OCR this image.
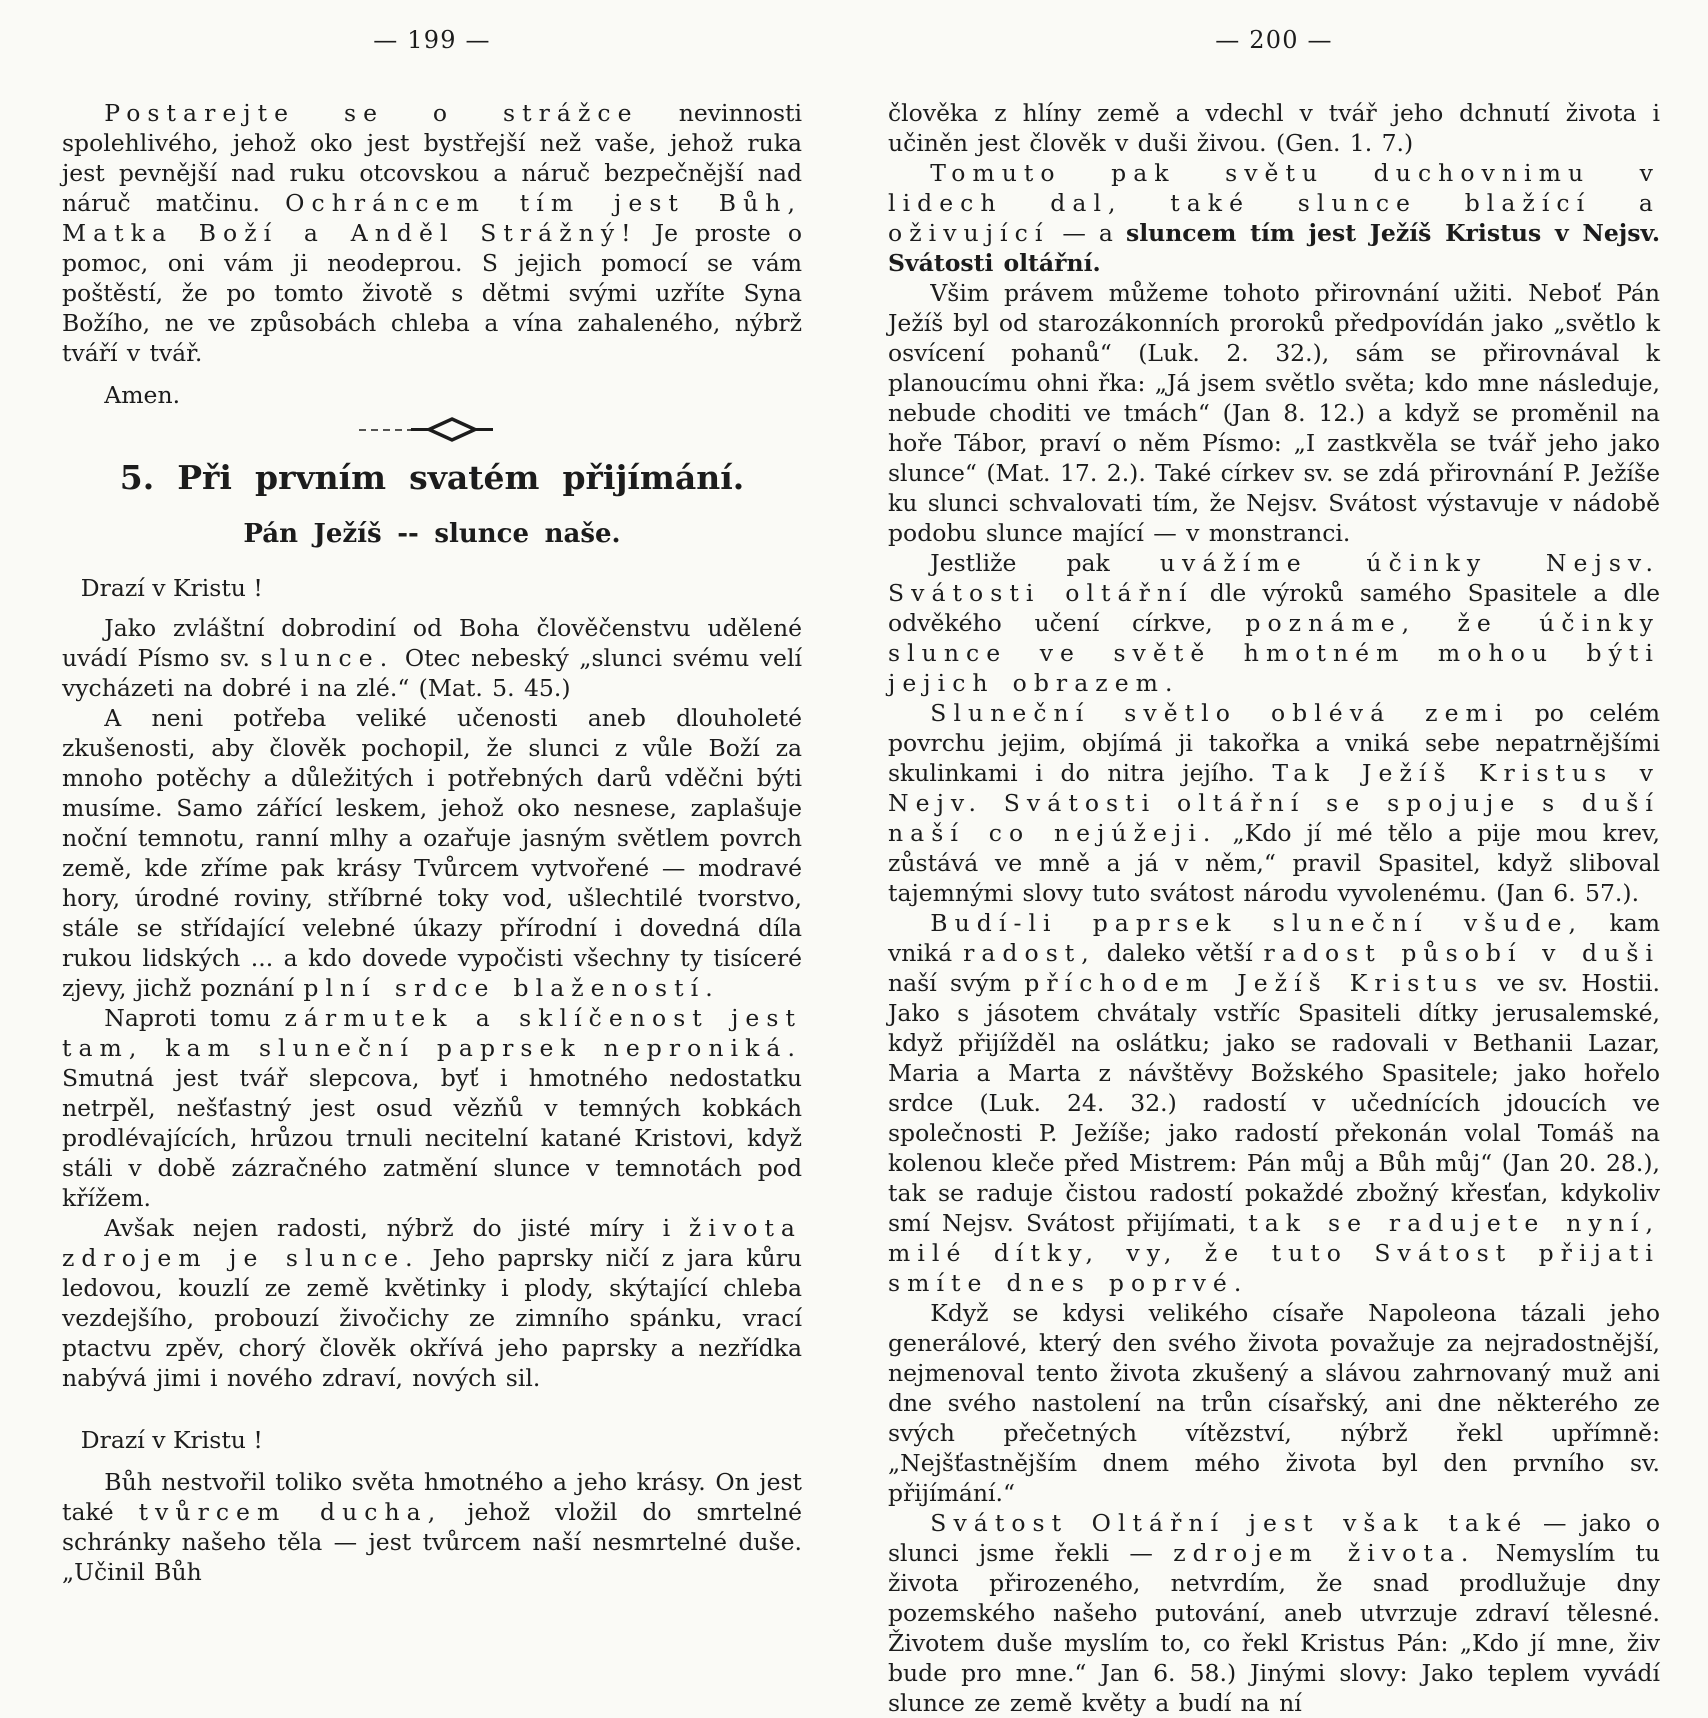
— 199 —

Postarejte se o strážce nevinnosti spolehlivého, jehož oko jest bystřejší než vaše, jehož ruka jest pevnější nad ruku otcovskou a náruč bezpečnější nad náruč matčinu. Ochráncem tím jest Bůh, Matka Boží a Anděl Strážný! Je proste o pomoc, oni vám ji neodeprou. S jejich pomocí se vám poštěstí, že po tomto životě s dětmi svými uzříte Syna Božího, ne ve způsobách chleba a vína zahaleného, nýbrž tváří v tvář.

Amen.

5. Při prvním svatém přijímání.
Pán Ježíš -- slunce naše.

Drazí v Kristu !

Jako zvláštní dobrodiní od Boha člověčenstvu udělené uvádí Písmo sv. slunce. Otec nebeský „slunci svému velí vycházeti na dobré i na zlé.“ (Mat. 5. 45.)

A neni potřeba veliké učenosti aneb dlouholeté zkušenosti, aby člověk pochopil, že slunci z vůle Boží za mnoho potěchy a důležitých i potřebných darů vděčni býti musíme. Samo zářící leskem, jehož oko nesnese, zaplašuje noční temnotu, ranní mlhy a ozařuje jasným světlem povrch země, kde zříme pak krásy Tvůrcem vytvořené — modravé hory, úrodné roviny, stříbrné toky vod, ušlechtilé tvorstvo, stále se střídající velebné úkazy přírodní i dovedná díla rukou lidských ... a kdo dovede vypočisti všechny ty tisíceré zjevy, jichž poznání plní srdce blažeností.

Naproti tomu zármutek a sklíčenost jest tam, kam sluneční paprsek neproniká. Smutná jest tvář slepcova, byť i hmotného nedostatku netrpěl, nešťastný jest osud vězňů v temných kobkách prodlévajících, hrůzou trnuli necitelní katané Kristovi, když stáli v době zázračného zatmění slunce v temnotách pod křížem.

Avšak nejen radosti, nýbrž do jisté míry i života zdrojem je slunce. Jeho paprsky ničí z jara kůru ledovou, kouzlí ze země květinky i plody, skýtající chleba vezdejšího, probouzí živočichy ze zimního spánku, vrací ptactvu zpěv, chorý člověk okřívá jeho paprsky a nezřídka nabývá jimi i nového zdraví, nových sil.

Drazí v Kristu !

Bůh nestvořil toliko světa hmotného a jeho krásy. On jest také tvůrcem ducha, jehož vložil do smrtelné schránky našeho těla — jest tvůrcem naší nesmrtelné duše. „Učinil Bůh

— 200 —

člověka z hlíny země a vdechl v tvář jeho dchnutí života i učiněn jest člověk v duši živou. (Gen. 1. 7.)

Tomuto pak světu duchovnimu v lidech dal, také slunce blažící a oživující — a sluncem tím jest Ježíš Kristus v Nejsv. Svátosti oltářní.

Všim právem můžeme tohoto přirovnání užiti. Neboť Pán Ježíš byl od starozákonních proroků předpovídán jako „světlo k osvícení pohanů“ (Luk. 2. 32.), sám se přirovnával k planoucímu ohni řka: „Já jsem světlo světa; kdo mne následuje, nebude choditi ve tmách“ (Jan 8. 12.) a když se proměnil na hoře Tábor, praví o něm Písmo: „I zastkvěla se tvář jeho jako slunce“ (Mat. 17. 2.). Také církev sv. se zdá přirovnání P. Ježíše ku slunci schvalovati tím, že Nejsv. Svátost výstavuje v nádobě podobu slunce mající — v monstranci.

Jestliže pak uvážíme účinky Nejsv. Svátosti oltářní dle výroků samého Spasitele a dle odvěkého učení církve, poznáme, že účinky slunce ve světě hmotném mohou býti jejich obrazem.

Sluneční světlo oblévá zemi po celém povrchu jejim, objímá ji takořka a vniká sebe nepatrnějšími skulinkami i do nitra jejího. Tak Ježíš Kristus v Nejv. Svátosti oltářní se spojuje s duší naší co nejúžeji. „Kdo jí mé tělo a pije mou krev, zůstává ve mně a já v něm,“ pravil Spasitel, když sliboval tajemnými slovy tuto svátost národu vyvolenému. (Jan 6. 57.).

Budí-li paprsek sluneční všude, kam vniká radost, daleko větší radost působí v duši naší svým příchodem Ježíš Kristus ve sv. Hostii. Jako s jásotem chvátaly vstříc Spasiteli dítky jerusalemské, když přijížděl na oslátku; jako se radovali v Bethanii Lazar, Maria a Marta z návštěvy Božského Spasitele; jako hořelo srdce (Luk. 24. 32.) radostí v učednících jdoucích ve společnosti P. Ježíše; jako radostí překonán volal Tomáš na kolenou kleče před Mistrem: Pán můj a Bůh můj“ (Jan 20. 28.), tak se raduje čistou radostí pokaždé zbožný křesťan, kdykoliv smí Nejsv. Svátost přijímati, tak se radujete nyní, milé dítky, vy, že tuto Svátost přijati smíte dnes poprvé.

Když se kdysi velikého císaře Napoleona tázali jeho generálové, který den svého života považuje za nejradostnější, nejmenoval tento života zkušený a slávou zahrnovaný muž ani dne svého nastolení na trůn císařský, ani dne některého ze svých přečetných vítězství, nýbrž řekl upřímně: „Nejšťastnějším dnem mého života byl den prvního sv. přijímání.“

Svátost Oltářní jest však také — jako o slunci jsme řekli — zdrojem života. Nemyslím tu života přirozeného, netvrdím, že snad prodlužuje dny pozemského našeho putování, aneb utvrzuje zdraví tělesné. Životem duše myslím to, co řekl Kristus Pán: „Kdo jí mne, živ bude pro mne.“ Jan 6. 58.) Jinými slovy: Jako teplem vyvádí slunce ze země květy a budí na ní
